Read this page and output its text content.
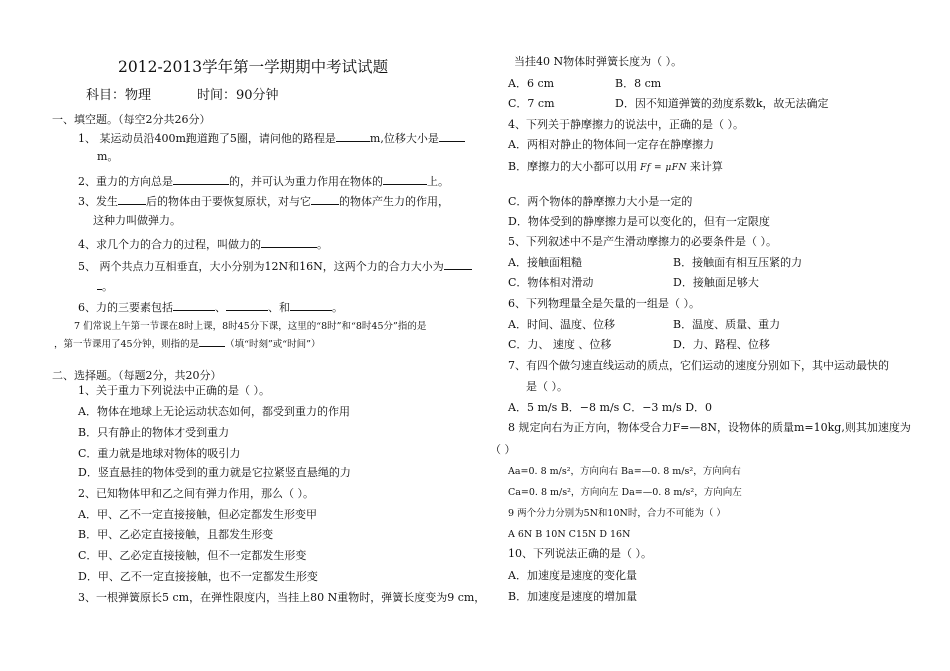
2012-2013学年第一学期期中考试试题
科目：物理	时间：90分钟
一、填空题。（每空2分共26分）
1、 某运动员沿400m跑道跑了5圈，请问他的路程是	m,位移大小是
m。
2、重力的方向总是	的，并可认为重力作用在物体的	上。
3、发生	后的物体由于要恢复原状，对与它	的物体产生力的作用，
这种力叫做弹力。
4、求几个力的合力的过程，叫做力的	。
5、 两个共点力互相垂直，大小分别为12N和16N，这两个力的合力大小为
。
6、力的三要素包括	、	、和	。
7 们常说上午第一节课在8时上课，8时45分下课，这里的“8时”和“8时45分”指的是
，第一节课用了45分钟，则指的是	（填“时刻”或“时间”）
二、选择题。（每题2分，共20分）
1、关于重力下列说法中正确的是（ ）。
A．物体在地球上无论运动状态如何，都受到重力的作用
B．只有静止的物体才受到重力
C．重力就是地球对物体的吸引力
D．竖直悬挂的物体受到的重力就是它拉紧竖直悬绳的力
2、已知物体甲和乙之间有弹力作用，那么（ ）。
A．甲、乙不一定直接接触，但必定都发生形变甲
B．甲、乙必定直接接触，且都发生形变
C．甲、乙必定直接接触，但不一定都发生形变
D．甲、乙不一定直接接触，也不一定都发生形变
3、一根弹簧原长5 cm，在弹性限度内，当挂上80 N重物时，弹簧长度变为9 cm，
当挂40 N物体时弹簧长度为（ ）。
A．6 cm	B．8 cm
C．7 cm	D．因不知道弹簧的劲度系数k，故无法确定
4、下列关于静摩擦力的说法中，正确的是（ ）。
A．两相对静止的物体间一定存在静摩擦力
B．摩擦力的大小都可以用 Ff = μFN 来计算
C．两个物体的静摩擦力大小是一定的
D．物体受到的静摩擦力是可以变化的，但有一定限度
5、下列叙述中不是产生滑动摩擦力的必要条件是（ ）。
A．接触面粗糙	B．接触面有相互压紧的力
C．物体相对滑动	D．接触面足够大
6、下列物理量全是矢量的一组是（ ）。
A．时间、温度、位移	B．温度、质量、重力
C．力、 速度 、位移	D．力、路程、位移
7、有四个做匀速直线运动的质点，它们运动的速度分别如下，其中运动最快的
是（ ）。
A．5 m/s B．−8 m/s C．−3 m/s D．0
8 规定向右为正方向，物体受合力F=—8N，设物体的质量m=10kg,则其加速度为
（ ）
Aa=0. 8 m/s²，方向向右 Ba=—0. 8 m/s²，方向向右
Ca=0. 8 m/s²，方向向左 Da=—0. 8 m/s²，方向向左
9 两个分力分别为5N和10N时，合力不可能为（ ）
A 6N B 10N C15N D 16N
10、下列说法正确的是（ ）。
A．加速度是速度的变化量
B．加速度是速度的增加量
